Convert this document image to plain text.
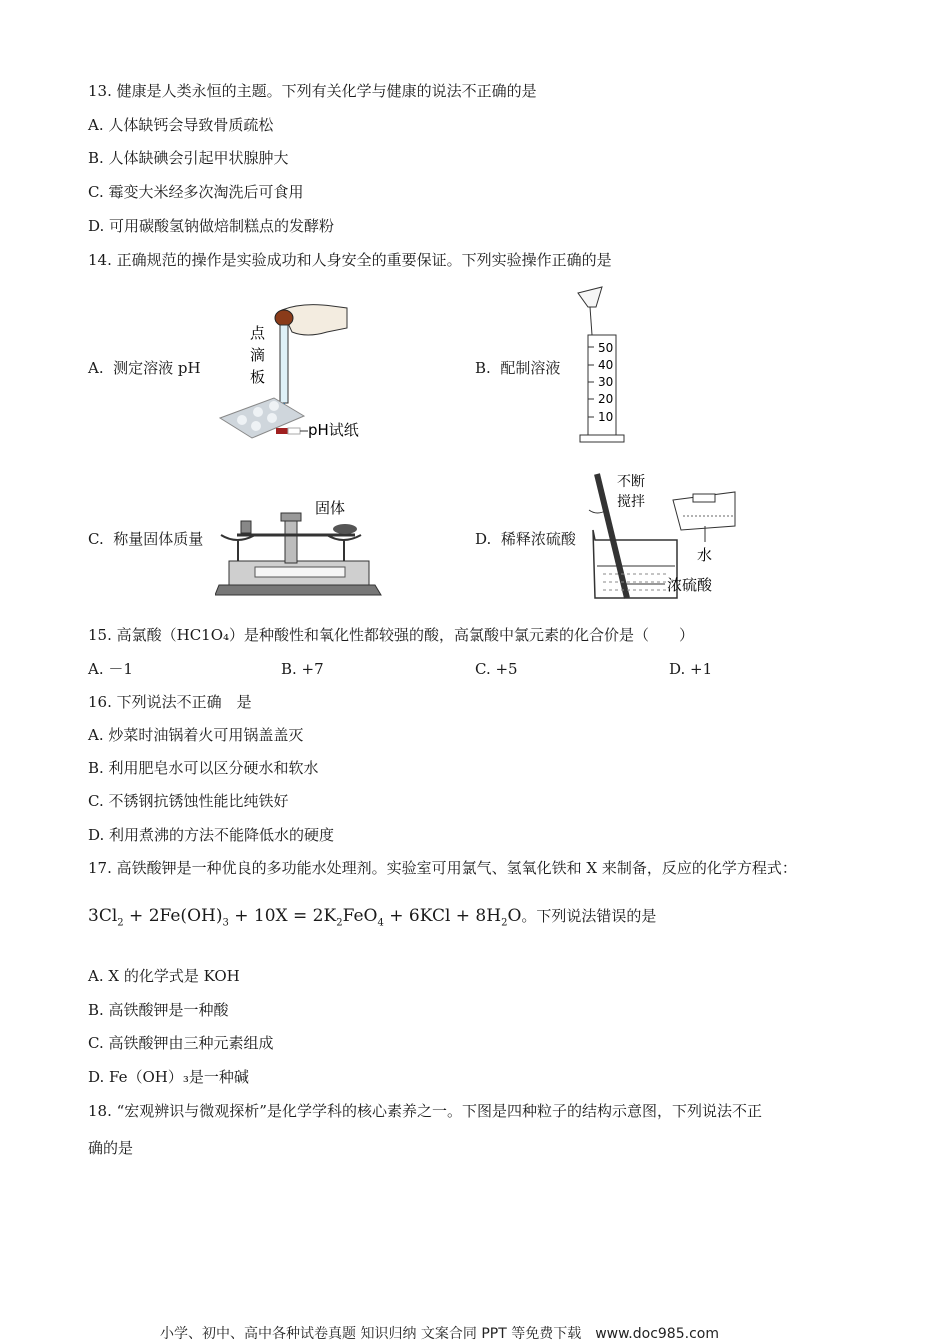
13. 健康是人类永恒的主题。下列有关化学与健康的说法不正确的是
A. 人体缺钙会导致骨质疏松
B. 人体缺碘会引起甲状腺肿大
C. 霉变大米经多次淘洗后可食用
D. 可用碳酸氢钠做焙制糕点的发酵粉
14. 正确规范的操作是实验成功和人身安全的重要保证。下列实验操作正确的是
A. 测定溶液 pH	B. 配制溶液
C. 称量固体质量	D. 稀释浓硫酸
点
滴
板
pH试纸
50
40
30
20
10
固体
不断
搅拌
水
浓硫酸
15. 高氯酸（HC1O₄）是种酸性和氧化性都较强的酸，高氯酸中氯元素的化合价是（　　）
A. －1	B. +7	C. +5	D. +1
16. 下列说法不正确　是
A. 炒菜时油锅着火可用锅盖盖灭
B. 利用肥皂水可以区分硬水和软水
C. 不锈钢抗锈蚀性能比纯铁好
D. 利用煮沸的方法不能降低水的硬度
17. 高铁酸钾是一种优良的多功能水处理剂。实验室可用氯气、氢氧化铁和 X 来制备，反应的化学方程式：
$3Cl_2 + 2Fe(OH)_3 + 10X = 2K_2FeO_4 + 6KCl + 8H_2O$。下列说法错误的是
A. X 的化学式是 KOH
B. 高铁酸钾是一种酸
C. 高铁酸钾由三种元素组成
D. Fe（OH）₃是一种碱
18. “宏观辨识与微观探析”是化学学科的核心素养之一。下图是四种粒子的结构示意图，下列说法不正
确的是
小学、初中、高中各种试卷真题 知识归纳 文案合同 PPT 等免费下载　www.doc985.com
